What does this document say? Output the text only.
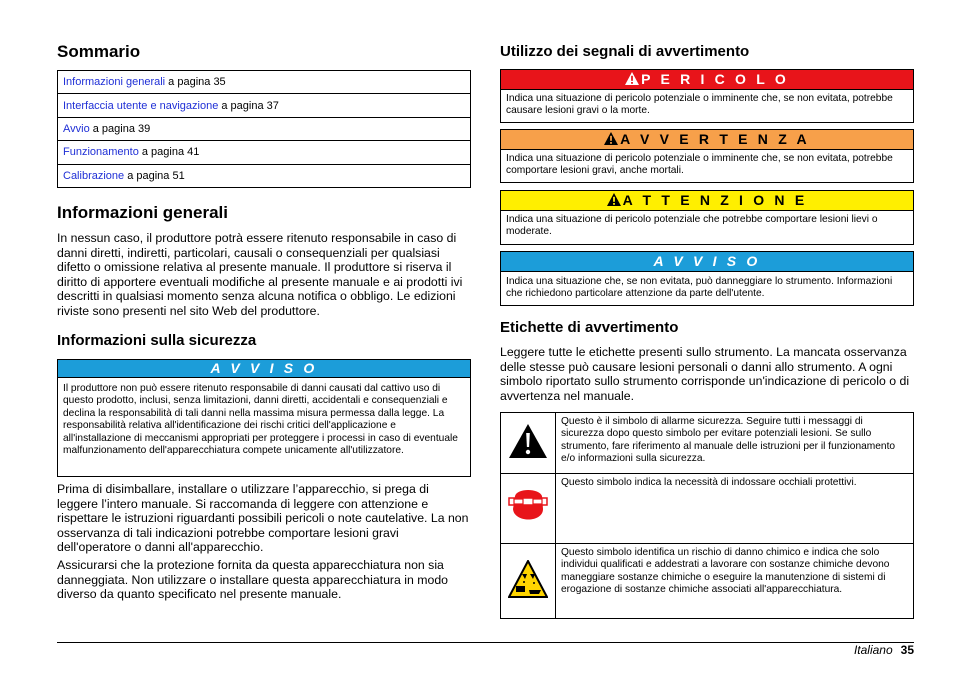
Sommario
Informazioni generali a pagina 35
Interfaccia utente e navigazione a pagina 37
Avvio a pagina 39
Funzionamento a pagina 41
Calibrazione a pagina 51
Informazioni generali

In nessun caso, il produttore potrà essere ritenuto responsabile in caso di danni diretti, indiretti, particolari, causali o consequenziali per qualsiasi difetto o omissione relativa al presente manuale. Il produttore si riserva il diritto di apportere eventuali modifiche al presente manuale e ai prodotti ivi descritti in qualsiasi momento senza alcuna notifica o obbligo. Le edizioni riviste sono presenti nel sito Web del produttore.

Informazioni sulla sicurezza
A V V I S O
Il produttore non può essere ritenuto responsabile di danni causati dal cattivo uso di questo prodotto, inclusi, senza limitazioni, danni diretti, accidentali e consequenziali e declina la responsabilità di tali danni nella massima misura permessa dalla legge. La responsabilità relativa all'identificazione dei rischi critici dell'applicazione e all'installazione di meccanismi appropriati per proteggere i processi in caso di eventuale malfunzionamento dell'apparecchiatura compete unicamente all'utilizzatore.

Prima di disimballare, installare o utilizzare l’apparecchio, si prega di leggere l’intero manuale. Si raccomanda di leggere con attenzione e rispettare le istruzioni riguardanti possibili pericoli o note cautelative. La non osservanza di tali indicazioni potrebbe comportare lesioni gravi dell'operatore o danni all'apparecchio.

Assicurarsi che la protezione fornita da questa apparecchiatura non sia danneggiata. Non utilizzare o installare questa apparecchiatura in modo diverso da quanto specificato nel presente manuale.

Utilizzo dei segnali di avvertimento
P E R I C O L O
Indica una situazione di pericolo potenziale o imminente che, se non evitata, potrebbe causare lesioni gravi o la morte.
A V V E R T E N Z A
Indica una situazione di pericolo potenziale o imminente che, se non evitata, potrebbe comportare lesioni gravi, anche mortali.
A T T E N Z I O N E
Indica una situazione di pericolo potenziale che potrebbe comportare lesioni lievi o moderate.
A V V I S O
Indica una situazione che, se non evitata, può danneggiare lo strumento. Informazioni che richiedono particolare attenzione da parte dell'utente.
Etichette di avvertimento

Leggere tutte le etichette presenti sullo strumento. La mancata osservanza delle stesse può causare lesioni personali o danni allo strumento. A ogni simbolo riportato sullo strumento corrisponde un'indicazione di pericolo o di avvertenza nel manuale.

	Questo è il simbolo di allarme sicurezza. Seguire tutti i messaggi di sicurezza dopo questo simbolo per evitare potenziali lesioni. Se sullo strumento, fare riferimento al manuale delle istruzioni per il funzionamento e/o informazioni sulla sicurezza.
	Questo simbolo indica la necessità di indossare occhiali protettivi.
	Questo simbolo identifica un rischio di danno chimico e indica che solo individui qualificati e addestrati a lavorare con sostanze chimiche devono maneggiare sostanze chimiche o eseguire la manutenzione di sistemi di erogazione di sostanze chimiche associati all'apparecchiatura.
Italiano 35
